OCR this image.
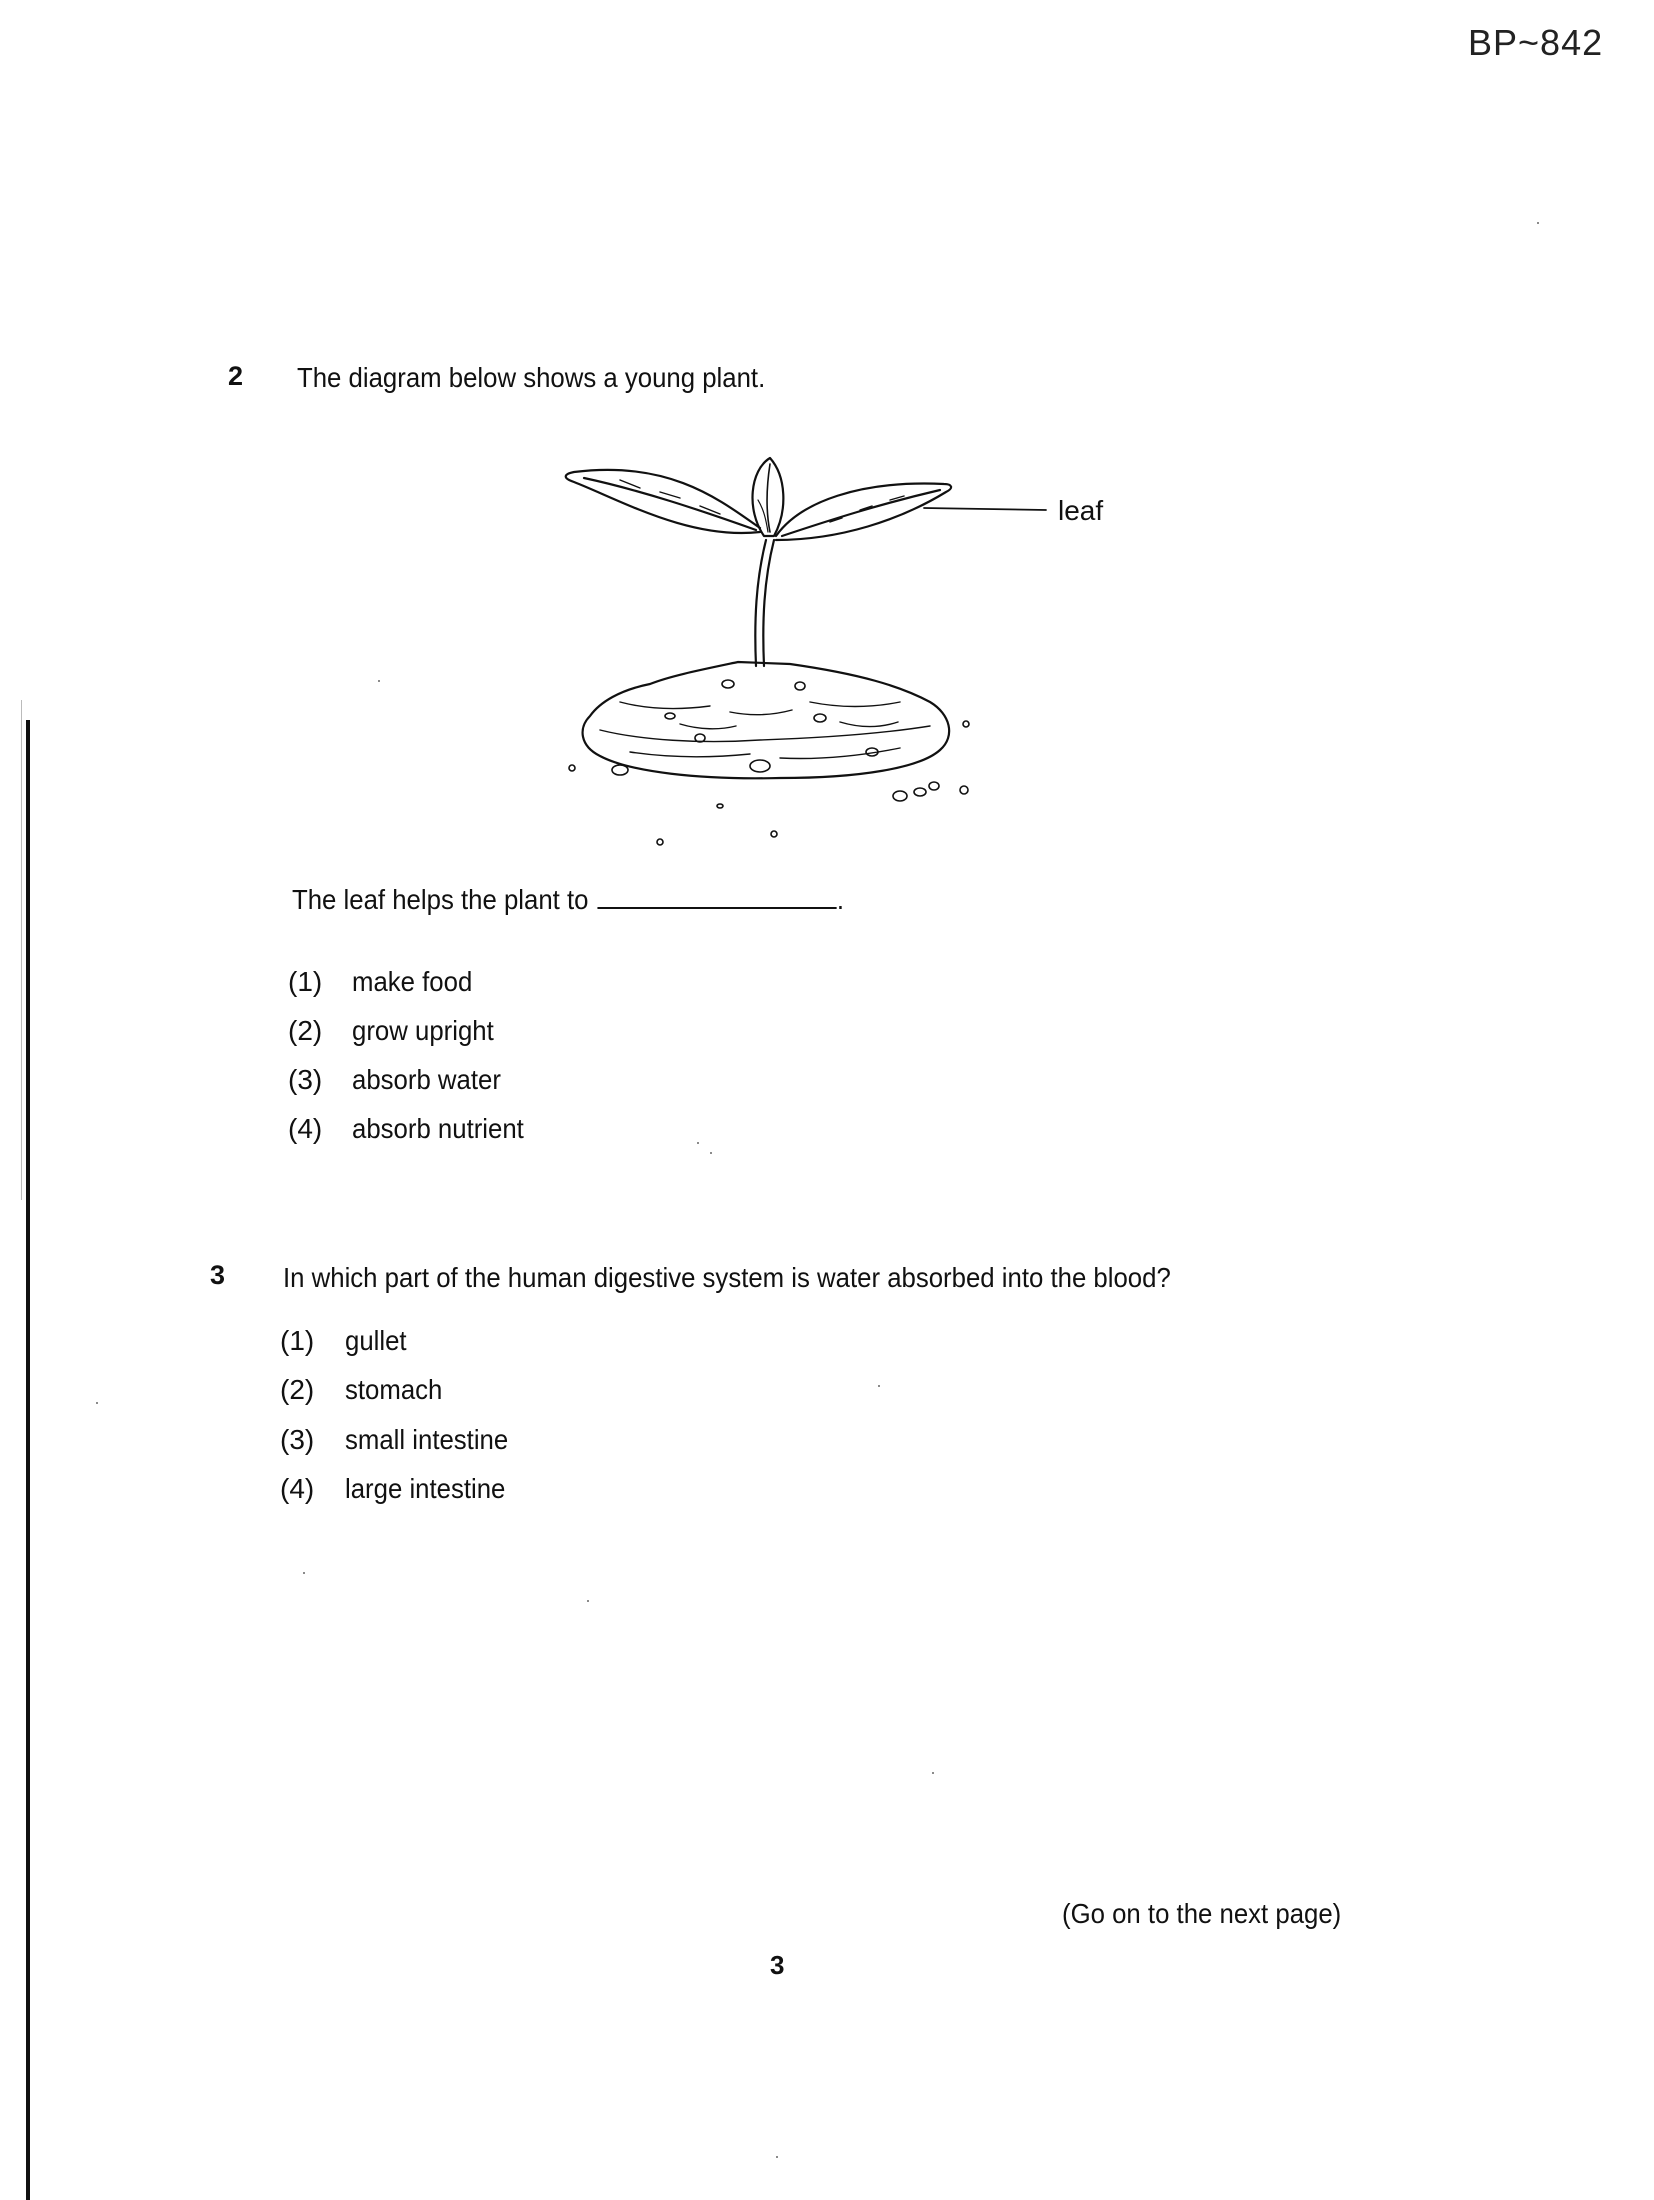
BP~842
2 The diagram below shows a young plant.
leaf
The leaf helps the plant to	.
(1) make food
(2) grow upright
(3) absorb water
(4) absorb nutrient
3 In which part of the human digestive system is water absorbed into the blood?
(1) gullet
(2) stomach
(3) small intestine
(4) large intestine
(Go on to the next page)
3
